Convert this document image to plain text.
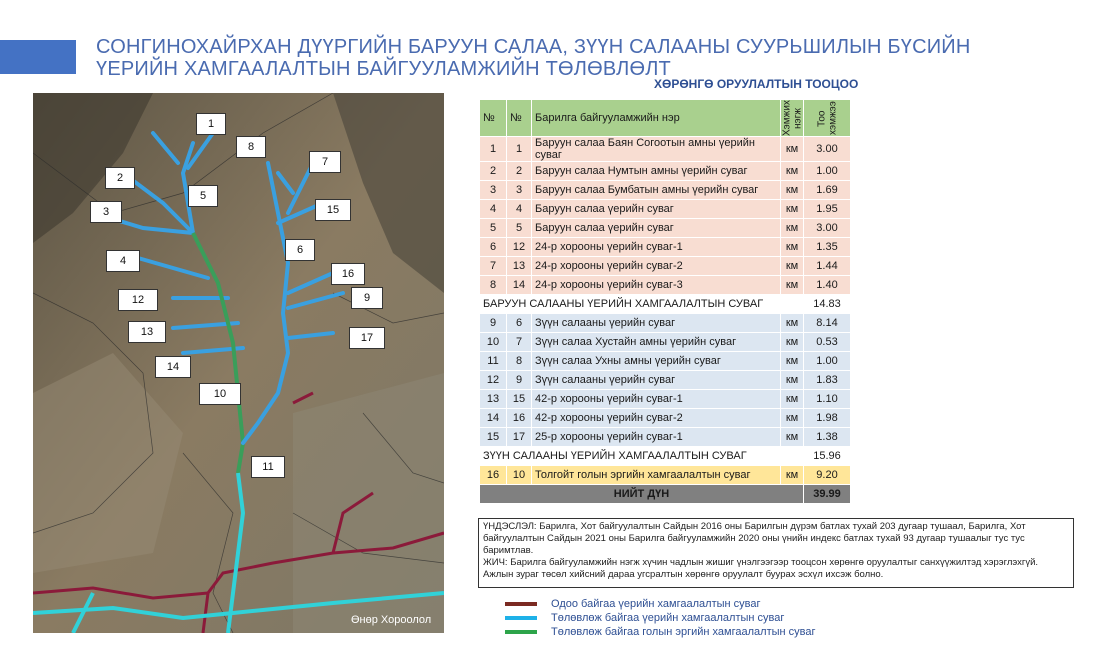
СОНГИНОХАЙРХАН ДҮҮРГИЙН БАРУУН САЛАА, ЗҮҮН САЛААНЫ СУУРЬШИЛЫН БҮСИЙН ҮЕРИЙН ХАМГААЛАЛТЫН БАЙГУУЛАМЖИЙН ТӨЛӨВЛӨЛТ
ХӨРӨНГӨ ОРУУЛАЛТЫН ТООЦОО
Өнөр Хороолол
1
8
7
2
5
3	15
6
4
16
9
12
13	17
14
10
11
№	№	Барилга байгууламжийн нэр	Хэмжих нэгж	Тоо хэмжээ
1	1	Баруун салаа Баян Согоотын амны үерийн суваг	км	3.00
2	2	Баруун салаа Нумтын амны үерийн суваг	км	1.00
3	3	Баруун салаа Бумбатын амны үерийн суваг	км	1.69
4	4	Баруун салаа үерийн суваг	км	1.95
5	5	Баруун салаа үерийн суваг	км	3.00
6	12	24-р хорооны үерийн суваг-1	км	1.35
7	13	24-р хорооны үерийн суваг-2	км	1.44
8	14	24-р хорооны үерийн суваг-3	км	1.40
БАРУУН САЛААНЫ ҮЕРИЙН ХАМГААЛАЛТЫН СУВАГ				14.83
9	6	Зүүн салааны үерийн суваг	км	8.14
10	7	Зүүн салаа Хустайн амны үерийн суваг	км	0.53
11	8	Зүүн салаа Ухны амны үерийн суваг	км	1.00
12	9	Зүүн салааны үерийн суваг	км	1.83
13	15	42-р хорооны үерийн суваг-1	км	1.10
14	16	42-р хорооны үерийн суваг-2	км	1.98
15	17	25-р хорооны үерийн суваг-1	км	1.38
ЗҮҮН САЛААНЫ ҮЕРИЙН ХАМГААЛАЛТЫН СУВАГ				15.96
16	10	Толгойт голын эргийн хамгаалалтын суваг	км	9.20
НИЙТ ДҮН				39.99
ҮНДЭСЛЭЛ: Барилга, Хот байгуулалтын Сайдын 2016 оны Барилгын дүрэм батлах тухай 203 дугаар тушаал, Барилга, Хот байгуулалтын Сайдын 2021 оны Барилга байгууламжийн 2020 оны үнийн индекс батлах тухай 93 дугаар тушаалыг тус тус баримтлав.
ЖИЧ: Барилга байгууламжийн нэгж хүчин чадлын жишиг үнэлгээгээр тооцсон хөрөнгө оруулалтыг санхүүжилтэд хэрэглэхгүй. Ажлын зураг төсөл хийсний дараа угсралтын хөрөнгө оруулалт буурах эсхүл ихсэж болно.
Одоо байгаа үерийн хамгаалалтын суваг
Төлөвлөж байгаа үерийн хамгаалалтын суваг
Төлөвлөж байгаа голын эргийн хамгаалалтын суваг
